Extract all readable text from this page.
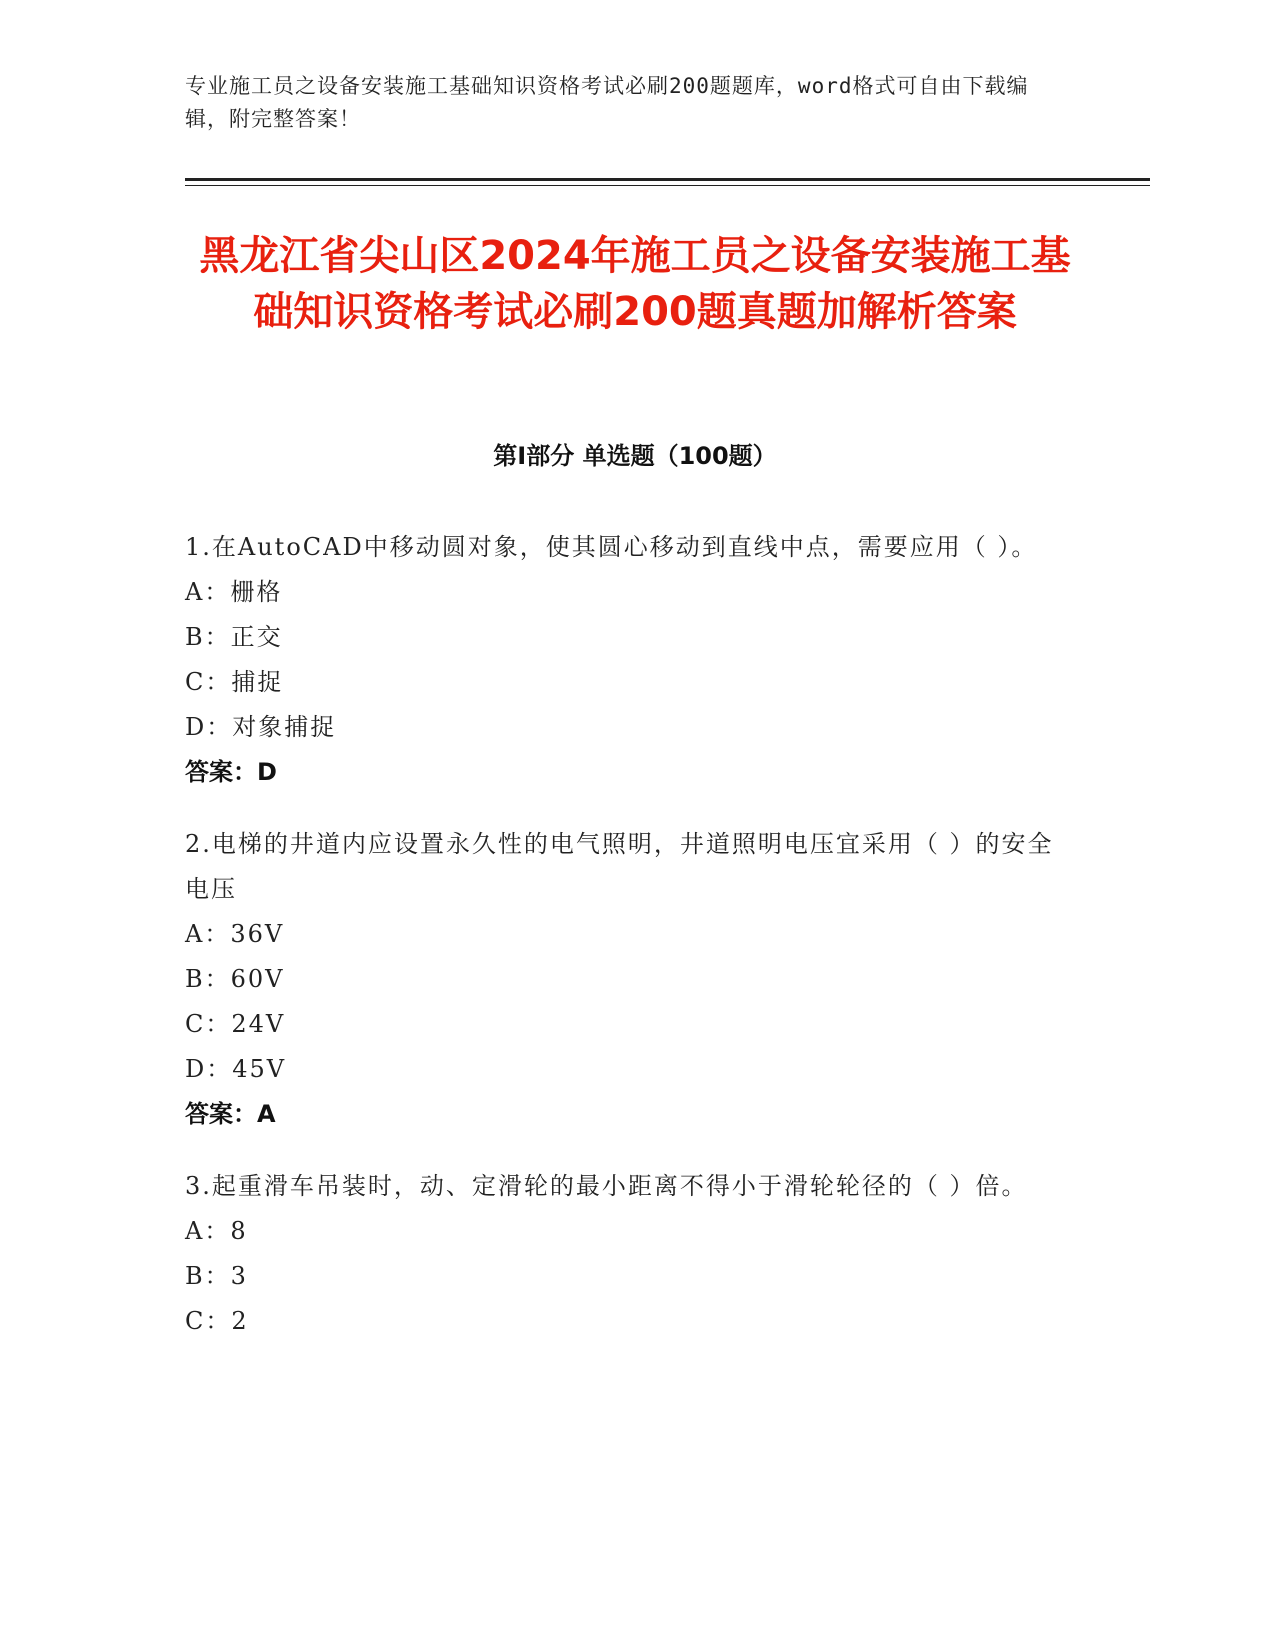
专业施工员之设备安装施工基础知识资格考试必刷200题题库，word格式可自由下载编辑，附完整答案！
黑龙江省尖山区2024年施工员之设备安装施工基础知识资格考试必刷200题真题加解析答案
第Ⅰ部分 单选题（100题）
1.在AutoCAD中移动圆对象，使其圆心移动到直线中点，需要应用（ ）。
A：栅格
B：正交
C：捕捉
D：对象捕捉
答案：D
2.电梯的井道内应设置永久性的电气照明，井道照明电压宜采用（ ）的安全电压
A：36V
B：60V
C：24V
D：45V
答案：A
3.起重滑车吊装时，动、定滑轮的最小距离不得小于滑轮轮径的（ ）倍。
A：8
B：3
C：2
